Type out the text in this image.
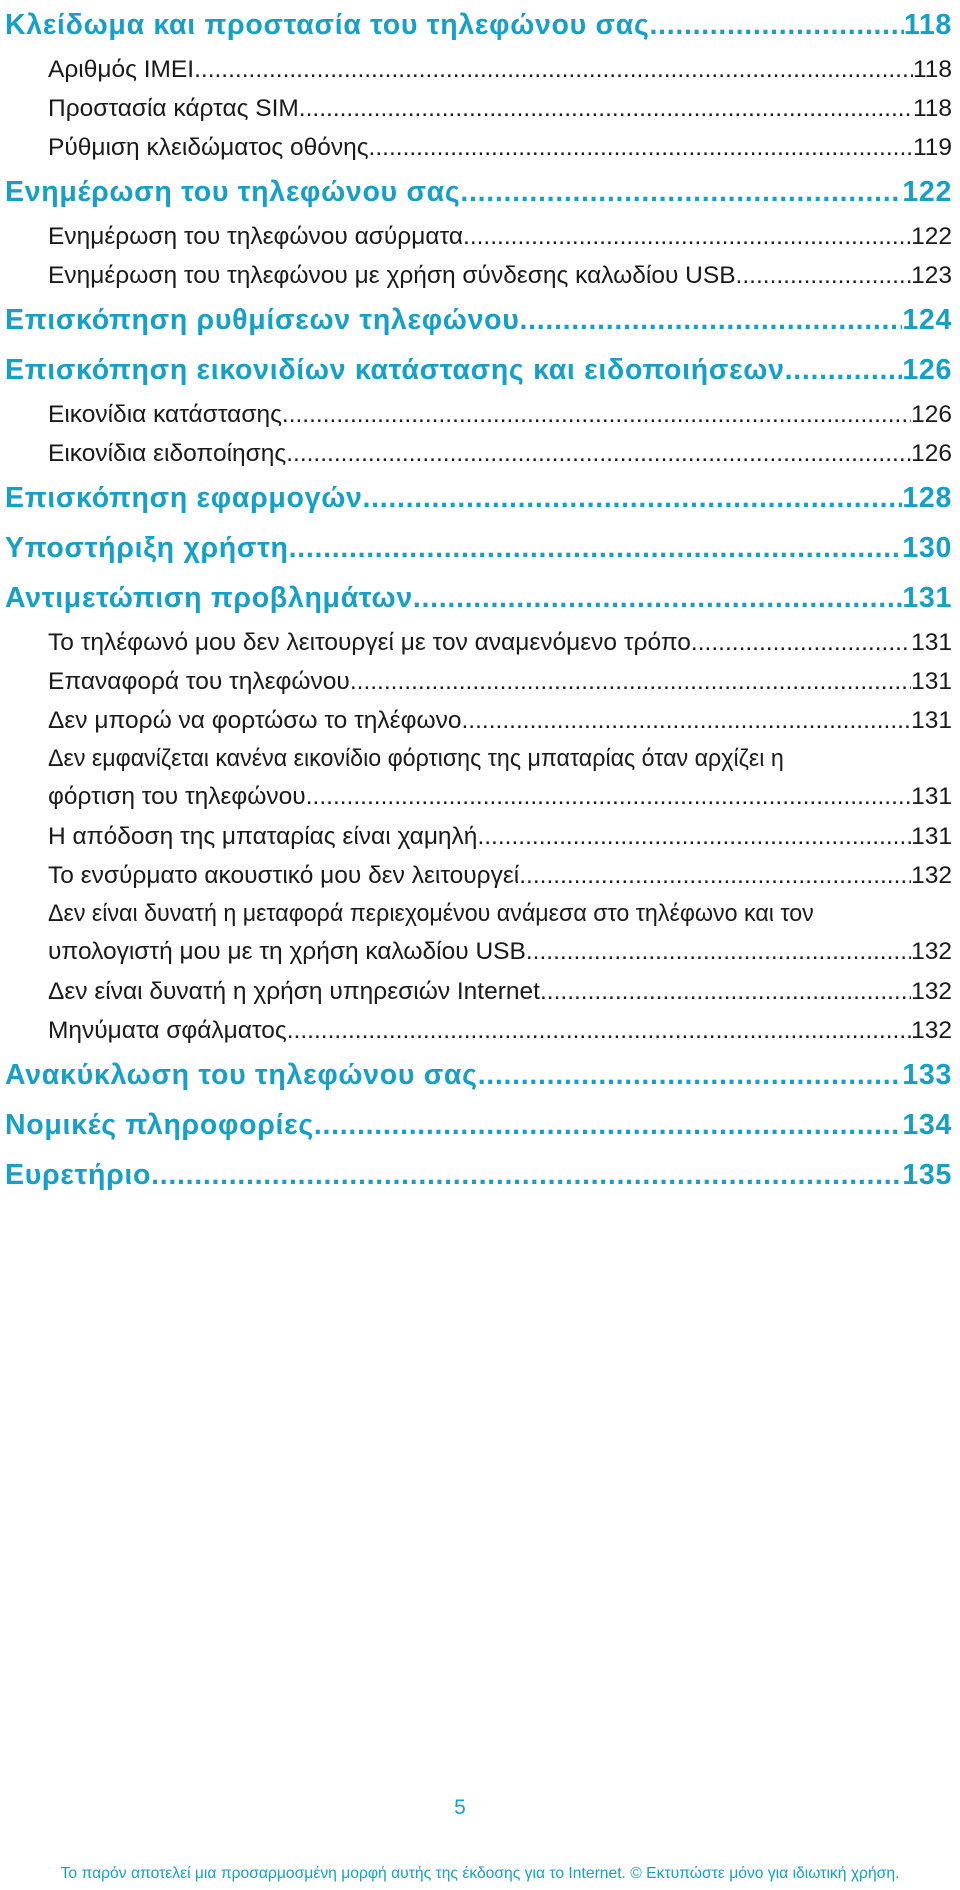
Κλείδωμα και προστασία του τηλεφώνου σας .....	118
Αριθμός IMEI .....	118
Προστασία κάρτας SIM .....	118
Ρύθμιση κλειδώματος οθόνης .....	119
Ενημέρωση του τηλεφώνου σας .....	122
Ενημέρωση του τηλεφώνου ασύρματα .....	122
Ενημέρωση του τηλεφώνου με χρήση σύνδεσης καλωδίου USB .....	123
Επισκόπηση ρυθμίσεων τηλεφώνου .....	124
Επισκόπηση εικονιδίων κατάστασης και ειδοποιήσεων .....	126
Εικονίδια κατάστασης .....	126
Εικονίδια ειδοποίησης .....	126
Επισκόπηση εφαρμογών .....	128
Υποστήριξη χρήστη .....	130
Αντιμετώπιση προβλημάτων .....	131
Το τηλέφωνό μου δεν λειτουργεί με τον αναμενόμενο τρόπο .....	131
Επαναφορά του τηλεφώνου .....	131
Δεν μπορώ να φορτώσω το τηλέφωνο .....	131
Δεν εμφανίζεται κανένα εικονίδιο φόρτισης της μπαταρίας όταν αρχίζει η
φόρτιση του τηλεφώνου .....	131
Η απόδοση της μπαταρίας είναι χαμηλή .....	131
Το ενσύρματο ακουστικό μου δεν λειτουργεί .....	132
Δεν είναι δυνατή η μεταφορά περιεχομένου ανάμεσα στο τηλέφωνο και τον
υπολογιστή μου με τη χρήση καλωδίου USB .....	132
Δεν είναι δυνατή η χρήση υπηρεσιών Internet .....	132
Μηνύματα σφάλματος .....	132
Ανακύκλωση του τηλεφώνου σας .....	133
Νομικές πληροφορίες .....	134
Ευρετήριο .....	135
5
Το παρόν αποτελεί μια προσαρμοσμένη μορφή αυτής της έκδοσης για το Internet. © Εκτυπώστε μόνο για ιδιωτική χρήση.
